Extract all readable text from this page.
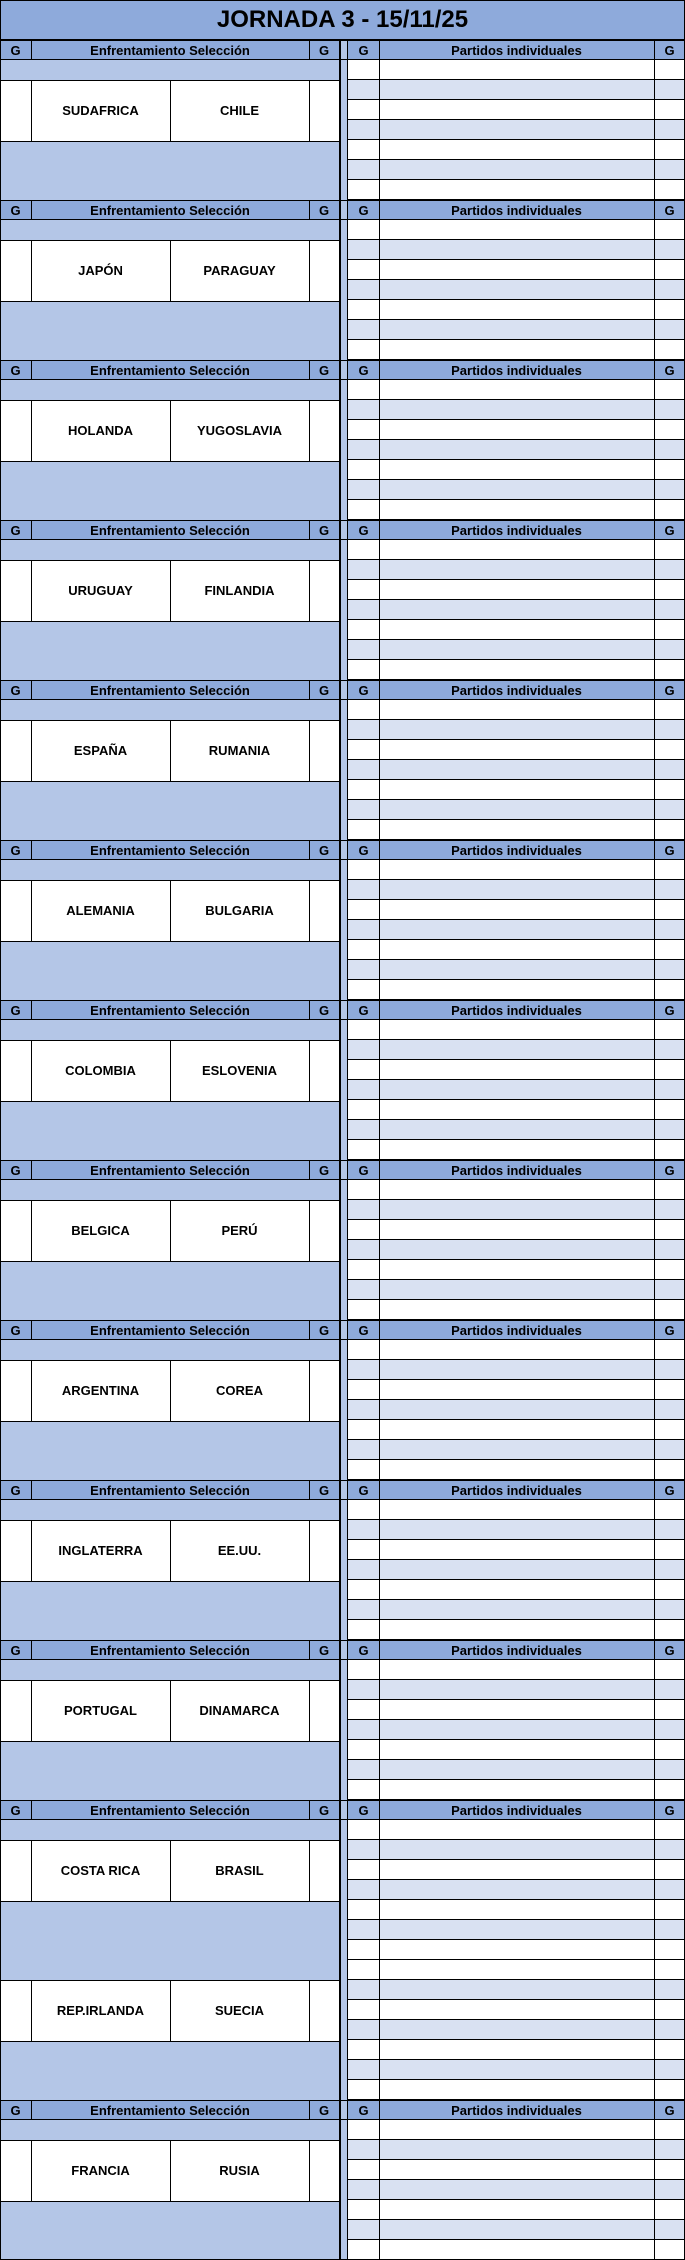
JORNADA 3 - 15/11/25
G	Enfrentamiento Selección	G	G	Partidos individuales	G
SUDAFRICA	CHILE
G	Enfrentamiento Selección	G	G	Partidos individuales	G
JAPÓN	PARAGUAY
G	Enfrentamiento Selección	G	G	Partidos individuales	G
HOLANDA	YUGOSLAVIA
G	Enfrentamiento Selección	G	G	Partidos individuales	G
URUGUAY	FINLANDIA
G	Enfrentamiento Selección	G	G	Partidos individuales	G
ESPAÑA	RUMANIA
G	Enfrentamiento Selección	G	G	Partidos individuales	G
ALEMANIA	BULGARIA
G	Enfrentamiento Selección	G	G	Partidos individuales	G
COLOMBIA	ESLOVENIA
G	Enfrentamiento Selección	G	G	Partidos individuales	G
BELGICA	PERÚ
G	Enfrentamiento Selección	G	G	Partidos individuales	G
ARGENTINA	COREA
G	Enfrentamiento Selección	G	G	Partidos individuales	G
INGLATERRA	EE.UU.
G	Enfrentamiento Selección	G	G	Partidos individuales	G
PORTUGAL	DINAMARCA
G	Enfrentamiento Selección	G	G	Partidos individuales	G
COSTA RICA	BRASIL
REP.IRLANDA	SUECIA
G	Enfrentamiento Selección	G	G	Partidos individuales	G
FRANCIA	RUSIA
